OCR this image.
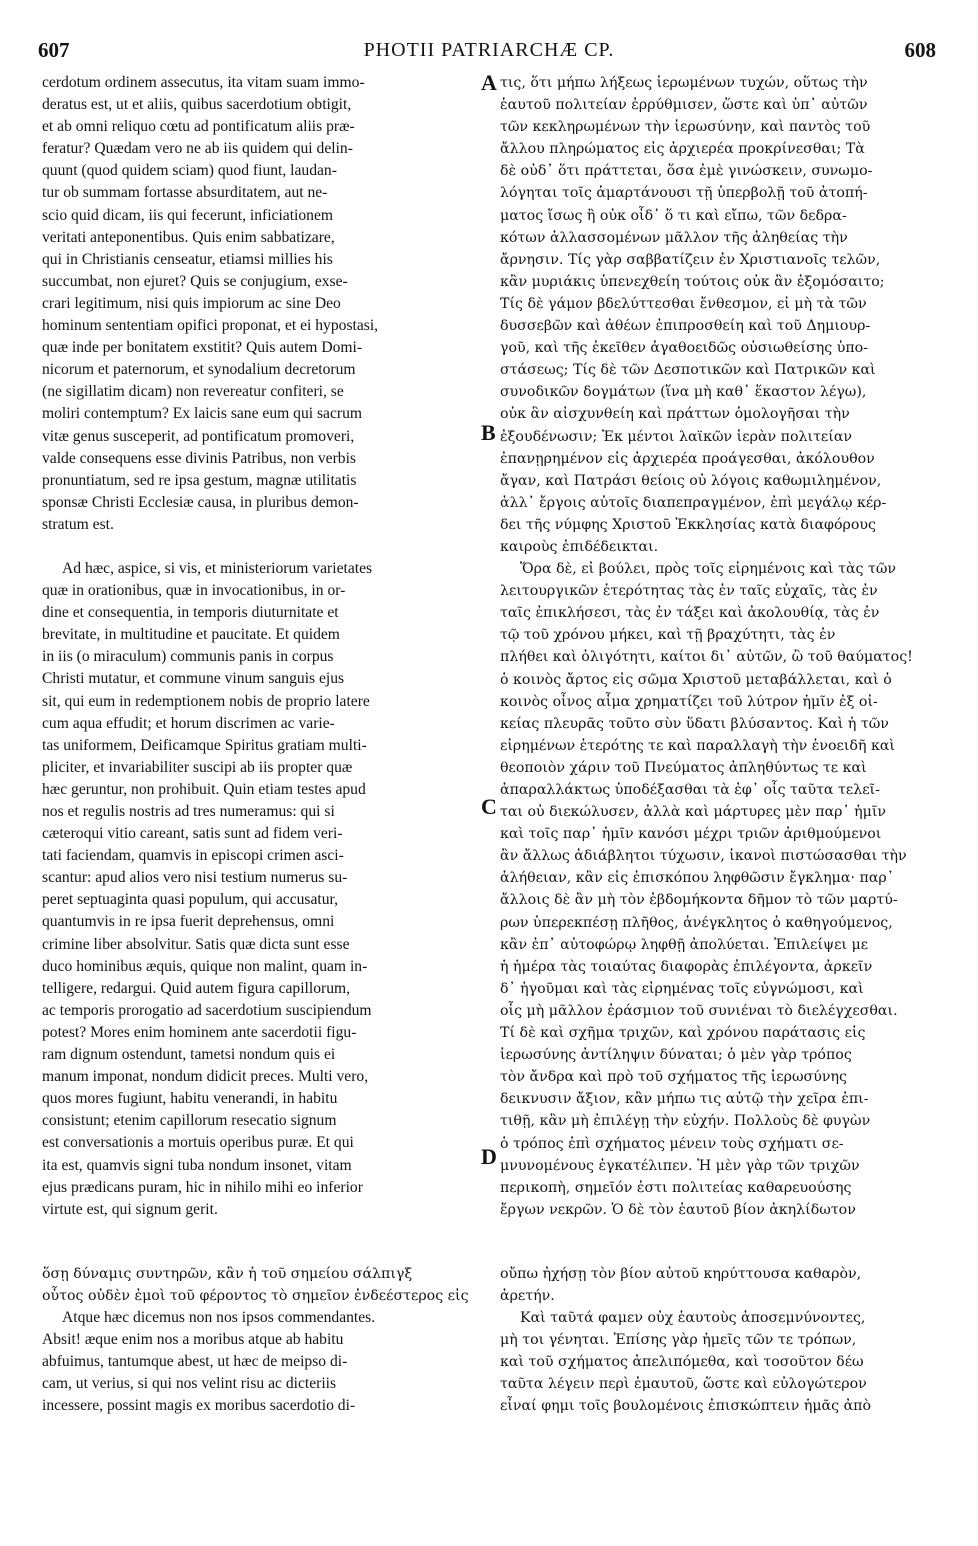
607	PHOTII PATRIARCHÆ CP.	608
A
B
C
D
cerdotum ordinem assecutus, ita vitam suam immo-
deratus est, ut et aliis, quibus sacerdotium obtigit,
et ab omni reliquo cœtu ad pontificatum aliis præ-
feratur? Quædam vero ne ab iis quidem qui delin-
quunt (quod quidem sciam) quod fiunt, laudan-
tur ob summam fortasse absurditatem, aut ne-
scio quid dicam, iis qui fecerunt, inficiationem
veritati anteponentibus. Quis enim sabbatizare,
qui in Christianis censeatur, etiamsi millies his
succumbat, non ejuret? Quis se conjugium, exse-
crari legitimum, nisi quis impiorum ac sine Deo
hominum sententiam opifici proponat, et ei hypostasi,
quæ inde per bonitatem exstitit? Quis autem Domi-
nicorum et paternorum, et synodalium decretorum
(ne sigillatim dicam) non revereatur confiteri, se
moliri contemptum? Ex laicis sane eum qui sacrum
vitæ genus susceperit, ad pontificatum promoveri,
valde consequens esse divinis Patribus, non verbis
pronuntiatum, sed re ipsa gestum, magnæ utilitatis
sponsæ Christi Ecclesiæ causa, in pluribus demon-
stratum est.
Ad hæc, aspice, si vis, et ministeriorum varietates
quæ in orationibus, quæ in invocationibus, in or-
dine et consequentia, in temporis diuturnitate et
brevitate, in multitudine et paucitate. Et quidem
in iis (o miraculum) communis panis in corpus
Christi mutatur, et commune vinum sanguis ejus
sit, qui eum in redemptionem nobis de proprio latere
cum aqua effudit; et horum discrimen ac varie-
tas uniformem, Deificamque Spiritus gratiam multi-
pliciter, et invariabiliter suscipi ab iis propter quæ
hæc geruntur, non prohibuit. Quin etiam testes apud
nos et regulis nostris ad tres numeramus: qui si
cæteroqui vitio careant, satis sunt ad fidem veri-
tati faciendam, quamvis in episcopi crimen asci-
scantur: apud alios vero nisi testium numerus su-
peret septuaginta quasi populum, qui accusatur,
quantumvis in re ipsa fuerit deprehensus, omni
crimine liber absolvitur. Satis quæ dicta sunt esse
duco hominibus æquis, quique non malint, quam in-
telligere, redargui. Quid autem figura capillorum,
ac temporis prorogatio ad sacerdotium suscipiendum
potest? Mores enim hominem ante sacerdotii figu-
ram dignum ostendunt, tametsi nondum quis ei
manum imponat, nondum didicit preces. Multi vero,
quos mores fugiunt, habitu venerandi, in habitu
consistunt; etenim capillorum resecatio signum
est conversationis a mortuis operibus puræ. Et qui
ita est, quamvis signi tuba nondum insonet, vitam
ejus prædicans puram, hic in nihilo mihi eo inferior
virtute est, qui signum gerit.
τις, ὅτι μήπω λήξεως ἱερωμένων τυχών, οὕτως τὴν
ἑαυτοῦ πολιτείαν ἐρρύθμισεν, ὥστε καὶ ὑπ᾽ αὐτῶν
τῶν κεκληρωμένων τὴν ἱερωσύνην, καὶ παντὸς τοῦ
ἄλλου πληρώματος εἰς ἀρχιερέα προκρίνεσθαι; Τὰ
δὲ οὐδ᾽ ὅτι πράττεται, ὅσα ἐμὲ γινώσκειν, συνωμο-
λόγηται τοῖς ἁμαρτάνουσι τῇ ὑπερβολῇ τοῦ ἀτοπή-
ματος ἴσως ἢ οὐκ οἶδ᾽ ὅ τι καὶ εἴπω, τῶν δεδρα-
κότων ἀλλασσομένων μᾶλλον τῆς ἀληθείας τὴν
ἄρνησιν. Τίς γὰρ σαββατίζειν ἐν Χριστιανοῖς τελῶν,
κἂν μυριάκις ὑπενεχθείη τούτοις οὐκ ἂν ἐξομόσαιτο;
Τίς δὲ γάμον βδελύττεσθαι ἔνθεσμον, εἰ μὴ τὰ τῶν
δυσσεβῶν καὶ ἀθέων ἐπιπροσθείη καὶ τοῦ Δημιουρ-
γοῦ, καὶ τῆς ἐκεῖθεν ἀγαθοειδῶς οὐσιωθείσης ὑπο-
στάσεως; Τίς δὲ τῶν Δεσποτικῶν καὶ Πατρικῶν καὶ
συνοδικῶν δογμάτων (ἵνα μὴ καθ᾽ ἕκαστον λέγω),
οὐκ ἂν αἰσχυνθείη καὶ πράττων ὁμολογῆσαι τὴν
ἐξουδένωσιν; Ἐκ μέντοι λαϊκῶν ἱερὰν πολιτείαν
ἐπανῃρημένον εἰς ἀρχιερέα προάγεσθαι, ἀκόλουθον
ἄγαν, καὶ Πατράσι θείοις οὐ λόγοις καθωμιλημένον,
ἀλλ᾽ ἔργοις αὐτοῖς διαπεπραγμένον, ἐπὶ μεγάλῳ κέρ-
δει τῆς νύμφης Χριστοῦ Ἐκκλησίας κατὰ διαφόρους
καιροὺς ἐπιδέδεικται.
Ὅρα δὲ, εἰ βούλει, πρὸς τοῖς εἰρημένοις καὶ τὰς τῶν
λειτουργικῶν ἑτερότητας τὰς ἐν ταῖς εὐχαῖς, τὰς ἐν
ταῖς ἐπικλήσεσι, τὰς ἐν τάξει καὶ ἀκολουθίᾳ, τὰς ἐν
τῷ τοῦ χρόνου μήκει, καὶ τῇ βραχύτητι, τὰς ἐν
πλήθει καὶ ὀλιγότητι, καίτοι δι᾽ αὐτῶν, ὢ τοῦ θαύματος!
ὁ κοινὸς ἄρτος εἰς σῶμα Χριστοῦ μεταβάλλεται, καὶ ὁ
κοινὸς οἶνος αἷμα χρηματίζει τοῦ λύτρον ἡμῖν ἐξ οἰ-
κείας πλευρᾶς τοῦτο σὺν ὕδατι βλύσαντος. Καὶ ἡ τῶν
εἰρημένων ἑτερότης τε καὶ παραλλαγὴ τὴν ἑνοειδῆ καὶ
θεοποιὸν χάριν τοῦ Πνεύματος ἀπληθύντως τε καὶ
ἀπαραλλάκτως ὑποδέξασθαι τὰ ἐφ᾽ οἷς ταῦτα τελεῖ-
ται οὐ διεκώλυσεν, ἀλλὰ καὶ μάρτυρες μὲν παρ᾽ ἡμῖν
καὶ τοῖς παρ᾽ ἡμῖν κανόσι μέχρι τριῶν ἀριθμούμενοι
ἂν ἄλλως ἀδιάβλητοι τύχωσιν, ἱκανοὶ πιστώσασθαι τὴν
ἀλήθειαν, κἂν εἰς ἐπισκόπου ληφθῶσιν ἔγκλημα· παρ᾽
ἄλλοις δὲ ἂν μὴ τὸν ἑβδομήκοντα δῆμον τὸ τῶν μαρτύ-
ρων ὑπερεκπέσῃ πλῆθος, ἀνέγκλητος ὁ καθηγούμενος,
κἂν ἐπ᾽ αὐτοφώρῳ ληφθῇ ἀπολύεται. Ἐπιλείψει με
ἡ ἡμέρα τὰς τοιαύτας διαφορὰς ἐπιλέγοντα, ἀρκεῖν
δ᾽ ἡγοῦμαι καὶ τὰς εἰρημένας τοῖς εὐγνώμοσι, καὶ
οἷς μὴ μᾶλλον ἐράσμιον τοῦ συνιέναι τὸ διελέγχεσθαι.
Τί δὲ καὶ σχῆμα τριχῶν, καὶ χρόνου παράτασις εἰς
ἱερωσύνης ἀντίληψιν δύναται; ὁ μὲν γὰρ τρόπος
τὸν ἄνδρα καὶ πρὸ τοῦ σχήματος τῆς ἱερωσύνης
δεικνυσιν ἄξιον, κἂν μήπω τις αὐτῷ τὴν χεῖρα ἐπι-
τιθῇ, κἂν μὴ ἐπιλέγῃ τὴν εὐχήν. Πολλοὺς δὲ φυγὼν
ὁ τρόπος ἐπὶ σχήματος μένειν τοὺς σχήματι σε-
μνυνομένους ἐγκατέλιπεν. Ἡ μὲν γὰρ τῶν τριχῶν
περικοπὴ, σημεῖόν ἐστι πολιτείας καθαρευούσης
ἔργων νεκρῶν. Ὁ δὲ τὸν ἑαυτοῦ βίον ἀκηλίδωτον
ὅσῃ δύναμις συντηρῶν, κἂν ἡ τοῦ σημείου σάλπιγξ	οὔπω ἠχήσῃ τὸν βίον αὐτοῦ κηρύττουσα καθαρὸν,
οὗτος οὐδὲν ἐμοὶ τοῦ φέροντος τὸ σημεῖον ἐνδεέστερος εἰς ἀρετήν.
Atque hæc dicemus non nos ipsos commendantes.
Absit! æque enim nos a moribus atque ab habitu
abfuimus, tantumque abest, ut hæc de meipso di-
cam, ut verius, si qui nos velint risu ac dicteriis
incessere, possint magis ex moribus sacerdotio di-
Καὶ ταῦτά φαμεν οὐχ ἑαυτοὺς ἀποσεμνύνοντες,
μὴ τοι γένηται. Ἐπίσης γὰρ ἡμεῖς τῶν τε τρόπων,
καὶ τοῦ σχήματος ἀπελιπόμεθα, καὶ τοσοῦτον δέω
ταῦτα λέγειν περὶ ἐμαυτοῦ, ὥστε καὶ εὐλογώτερον
εἶναί φημι τοῖς βουλομένοις ἐπισκώπτειν ἡμᾶς ἀπὸ
